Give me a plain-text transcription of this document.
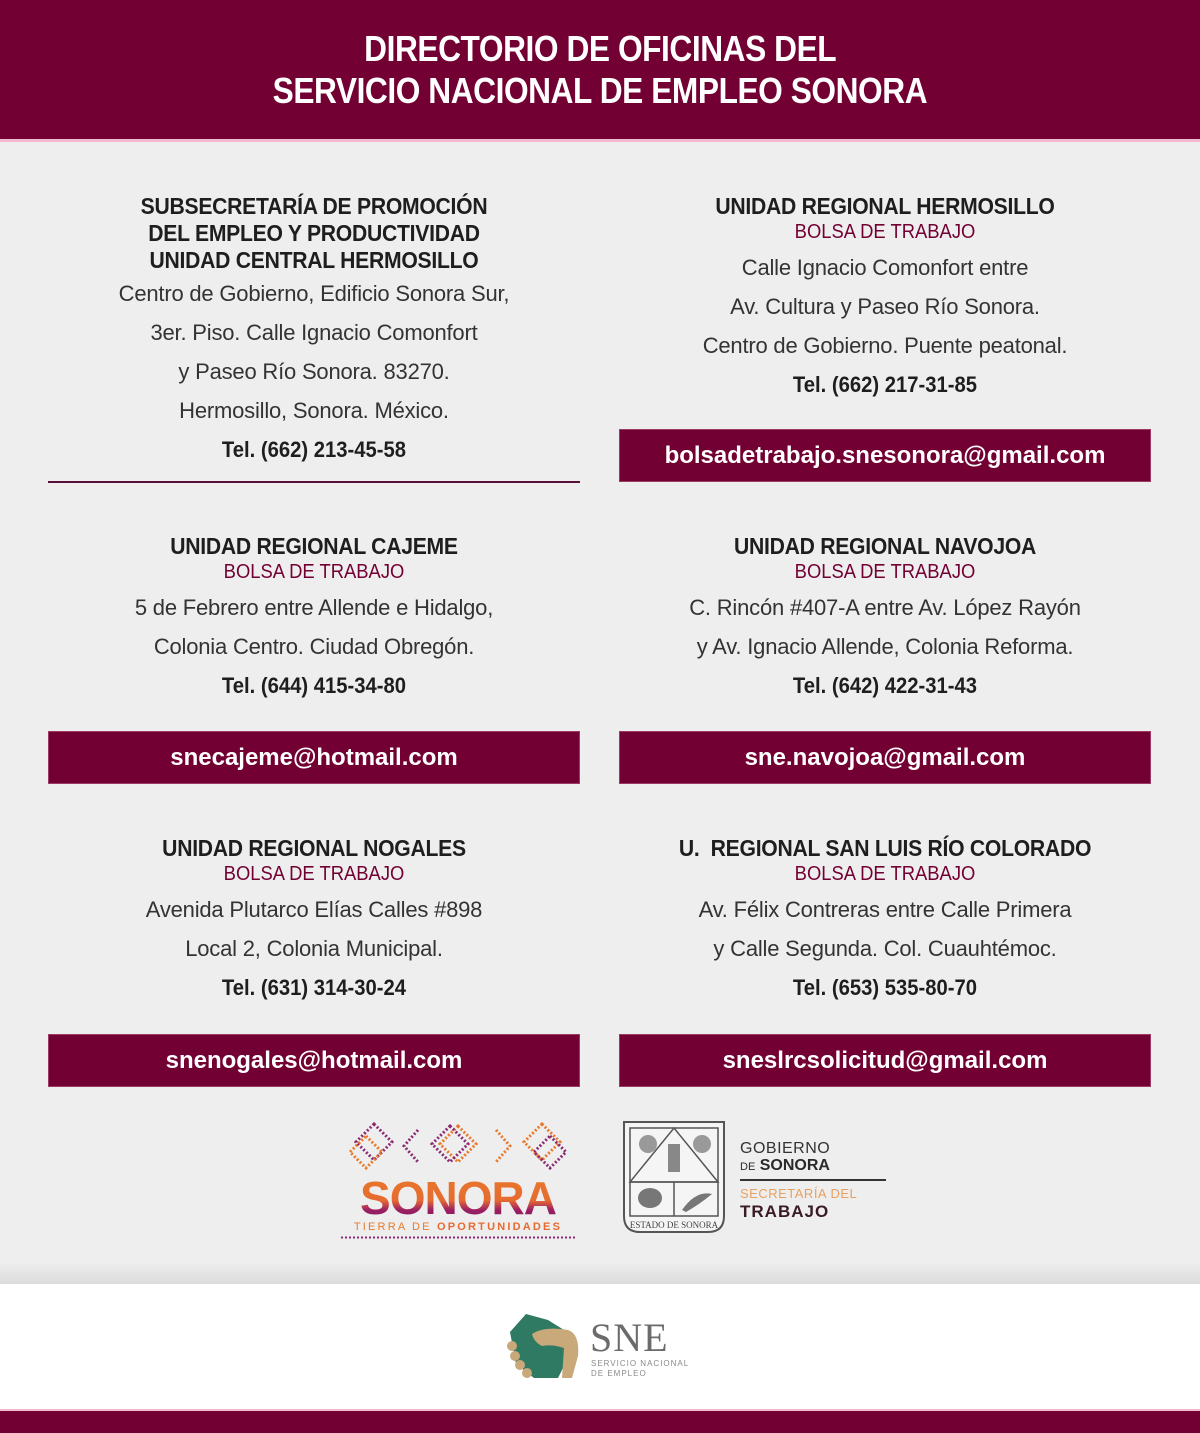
DIRECTORIO DE OFICINAS DEL
SERVICIO NACIONAL DE EMPLEO SONORA
SUBSECRETARÍA DE PROMOCIÓN
DEL EMPLEO Y PRODUCTIVIDAD
UNIDAD CENTRAL HERMOSILLO
Centro de Gobierno, Edificio Sonora Sur,
3er. Piso. Calle Ignacio Comonfort
y Paseo Río Sonora. 83270.
Hermosillo, Sonora. México.
Tel. (662) 213-45-58
UNIDAD REGIONAL HERMOSILLO
BOLSA DE TRABAJO
Calle Ignacio Comonfort entre
Av. Cultura y Paseo Río Sonora.
Centro de Gobierno. Puente peatonal.
Tel. (662) 217-31-85
bolsadetrabajo.snesonora@gmail.com
UNIDAD REGIONAL CAJEME
BOLSA DE TRABAJO
5 de Febrero entre Allende e Hidalgo,
Colonia Centro. Ciudad Obregón.
Tel. (644) 415-34-80
snecajeme@hotmail.com
UNIDAD REGIONAL NAVOJOA
BOLSA DE TRABAJO
C. Rincón #407-A entre Av. López Rayón
y Av. Ignacio Allende, Colonia Reforma.
Tel. (642) 422-31-43
sne.navojoa@gmail.com
UNIDAD REGIONAL NOGALES
BOLSA DE TRABAJO
Avenida Plutarco Elías Calles #898
Local 2, Colonia Municipal.
Tel. (631) 314-30-24
snenogales@hotmail.com
U.  REGIONAL SAN LUIS RÍO COLORADO
BOLSA DE TRABAJO
Av. Félix Contreras entre Calle Primera
y Calle Segunda. Col. Cuauhtémoc.
Tel. (653) 535-80-70
sneslrcsolicitud@gmail.com
SONORA
TIERRA DE OPORTUNIDADES	ESTADO DE SONORA
GOBIERNO
DE SONORA
SECRETARÍA DEL
TRABAJO
SNE
SERVICIO NACIONAL
DE EMPLEO
